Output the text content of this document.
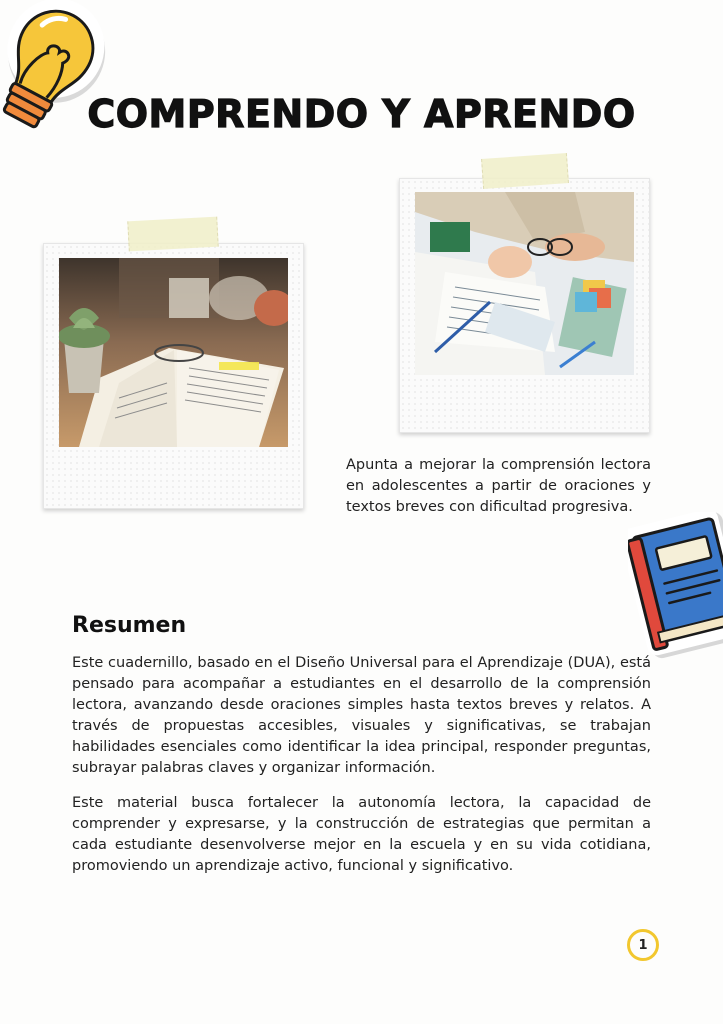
COMPRENDO Y APRENDO
Apunta a mejorar la comprensión lectora en adolescentes a partir de oraciones y textos breves con dificultad progresiva.
Resumen
Este cuadernillo, basado en el Diseño Universal para el Aprendizaje (DUA), está pensado para acompañar a estudiantes en el desarrollo de la comprensión lectora, avanzando desde oraciones simples hasta textos breves y relatos. A través de propuestas accesibles, visuales y significativas, se trabajan habilidades esenciales como identificar la idea principal, responder preguntas, subrayar palabras claves y organizar información.
Este material busca fortalecer la autonomía lectora, la capacidad de comprender y expresarse, y la construcción de estrategias que permitan a cada estudiante desenvolverse mejor en la escuela y en su vida cotidiana, promoviendo un aprendizaje activo, funcional y significativo.
1
